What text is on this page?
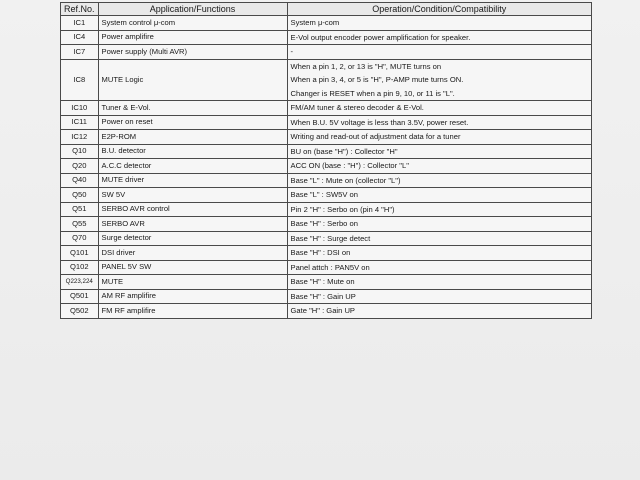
Ref.No.	Application/Functions	Operation/Condition/Compatibility
IC1	System control μ-com	System μ-com
IC4	Power amplifire	E-Vol output encoder power amplification for speaker.
IC7	Power supply (Multi AVR)	-
IC8	MUTE Logic	When a pin 1, 2, or 13 is "H", MUTE turns on
When a pin 3, 4, or 5 is "H", P-AMP mute turns ON.
Changer is RESET when a pin 9, 10, or 11 is "L".

IC10	Tuner & E-Vol.	FM/AM tuner & stereo decoder & E-Vol.
IC11	Power on reset	When B.U. 5V voltage is less than 3.5V, power reset.
IC12	E2P-ROM	Writing and read-out of adjustment data for a tuner
Q10	B.U. detector	BU on (base "H") : Collector "H"
Q20	A.C.C detector	ACC ON (base : "H") : Collector "L"
Q40	MUTE driver	Base "L" : Mute on (collector "L")
Q50	SW 5V	Base "L" : SW5V on
Q51	SERBO AVR control	Pin 2 "H" : Serbo on (pin 4 "H")
Q55	SERBO AVR	Base "H" : Serbo on
Q70	Surge detector	Base "H" : Surge detect
Q101	DSI driver	Base "H" : DSI on
Q102	PANEL 5V SW	Panel attch : PAN5V on
Q223,224	MUTE	Base "H" : Mute on
Q501	AM RF amplifire	Base "H" : Gain UP
Q502	FM RF amplifire	Gate "H" : Gain UP
